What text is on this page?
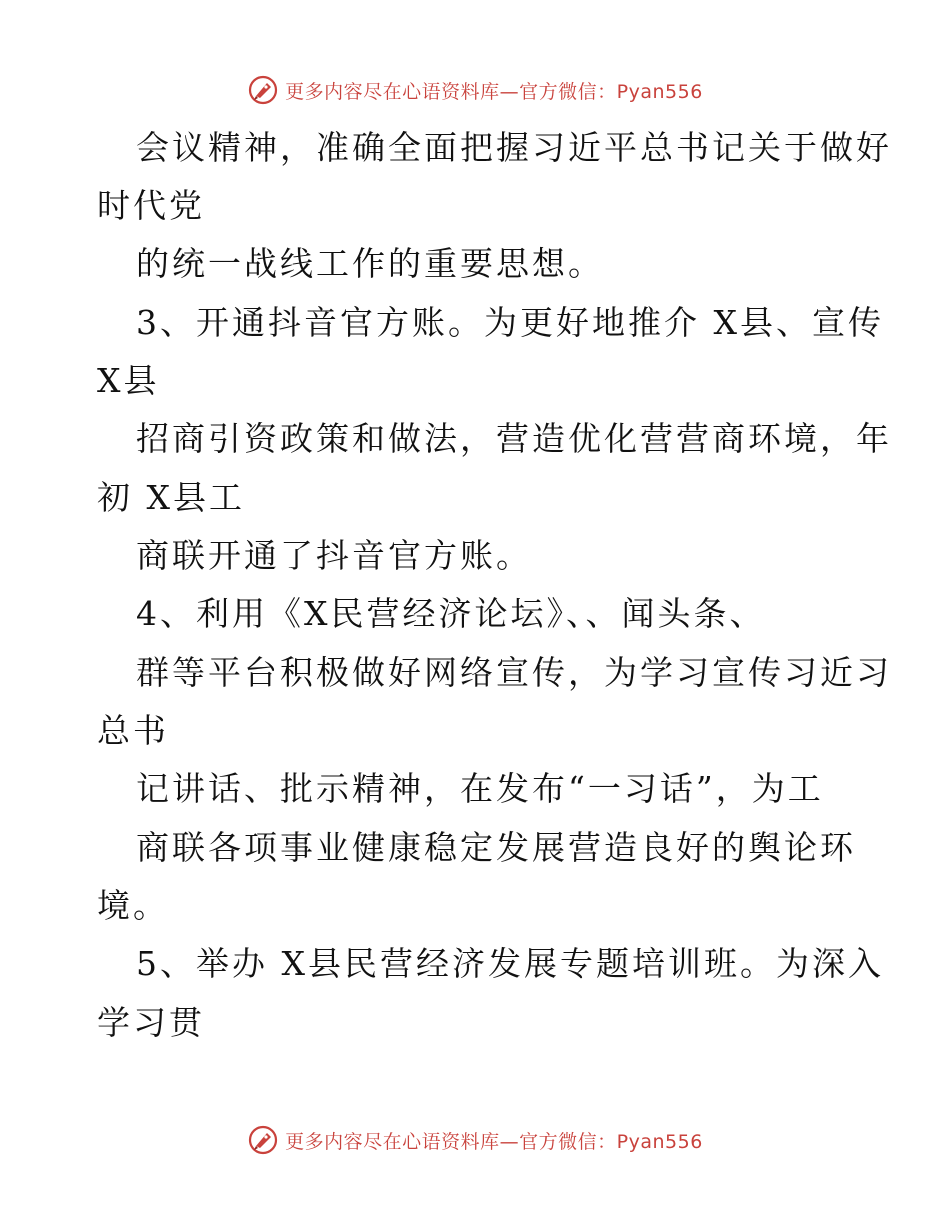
更多内容尽在心语资料库—官方微信：Pyan556
会议精神，准确全面把握习近平总书记关于做好
时代党
的统一战线工作的重要思想。
3、开通抖音官方账。为更好地推介 X县、宣传
X县
招商引资政策和做法，营造优化营营商环境，年
初 X县工
商联开通了抖音官方账。
4、利用《X民营经济论坛》、、闻头条、
群等平台积极做好网络宣传，为学习宣传习近习
总书
记讲话、批示精神，在发布“一习话”，为工
商联各项事业健康稳定发展营造良好的舆论环
境。
5、举办 X县民营经济发展专题培训班。为深入
学习贯
更多内容尽在心语资料库—官方微信：Pyan556
